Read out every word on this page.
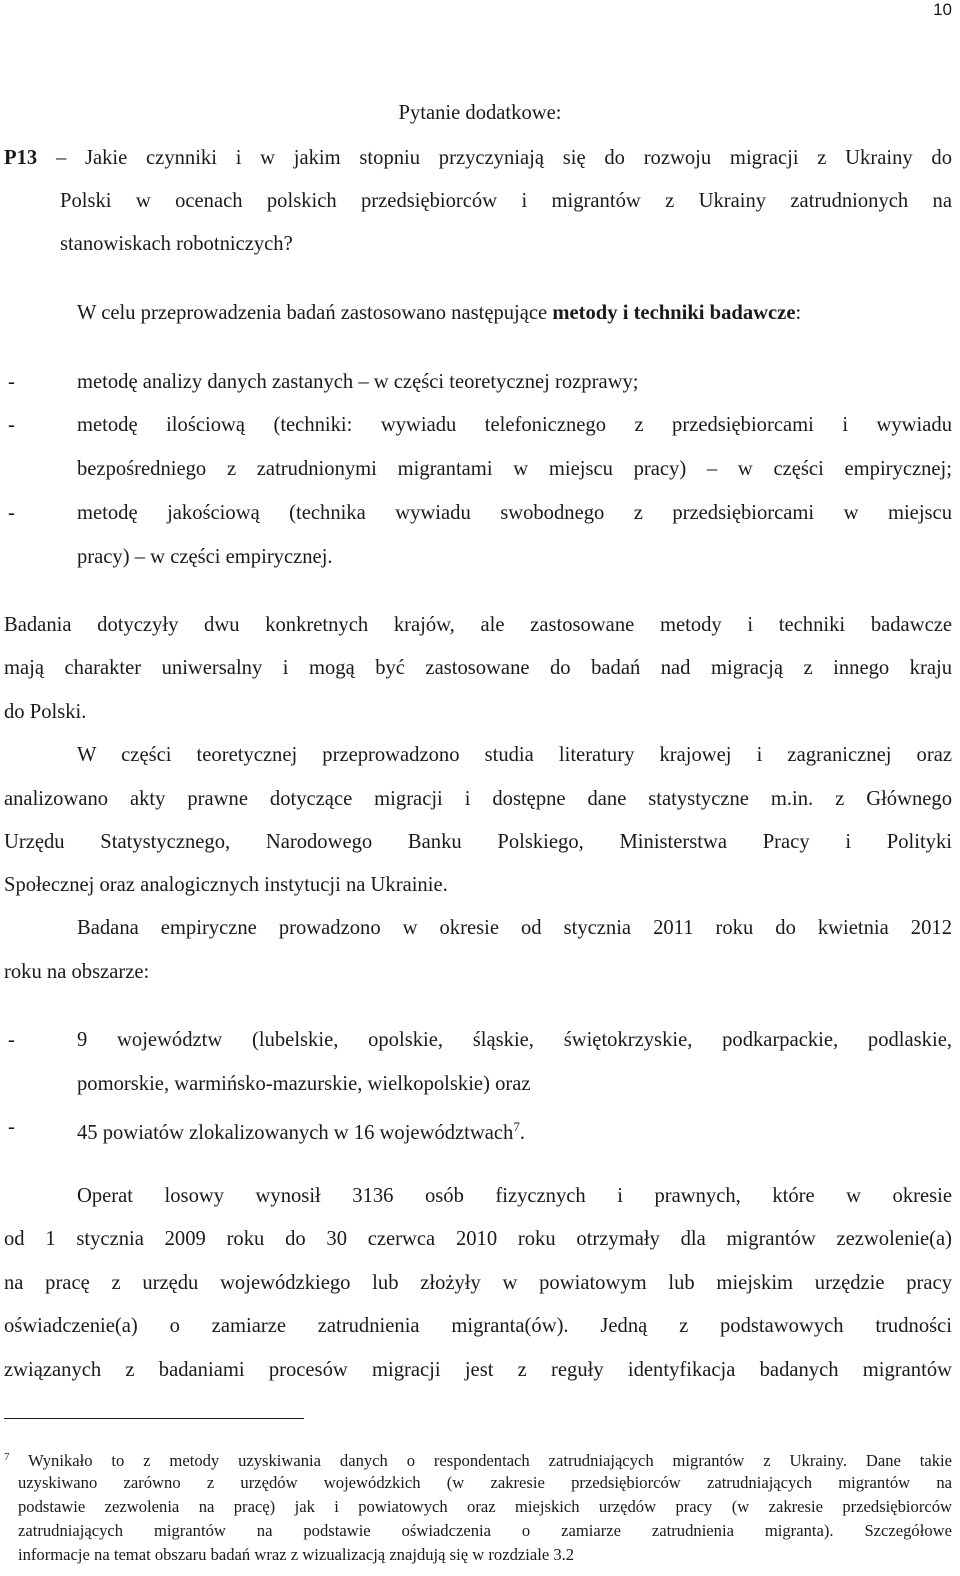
10
Pytanie dodatkowe:
P13 – Jakie czynniki i w jakim stopniu przyczyniają się do rozwoju migracji z Ukrainy do
Polski w ocenach polskich przedsiębiorców i migrantów z Ukrainy zatrudnionych na
stanowiskach robotniczych?
W celu przeprowadzenia badań zastosowano następujące metody i techniki badawcze:
-	metodę analizy danych zastanych – w części teoretycznej rozprawy;
-	metodę ilościową (techniki: wywiadu telefonicznego z przedsiębiorcami i wywiadu
bezpośredniego z zatrudnionymi migrantami w miejscu pracy) – w części empirycznej;
-	metodę jakościową (technika wywiadu swobodnego z przedsiębiorcami w miejscu
pracy) – w części empirycznej.
Badania dotyczyły dwu konkretnych krajów, ale zastosowane metody i techniki badawcze
mają charakter uniwersalny i mogą być zastosowane do badań nad migracją z innego kraju
do Polski.
W części teoretycznej przeprowadzono studia literatury krajowej i zagranicznej oraz
analizowano akty prawne dotyczące migracji i dostępne dane statystyczne m.in. z Głównego
Urzędu Statystycznego, Narodowego Banku Polskiego, Ministerstwa Pracy i Polityki
Społecznej oraz analogicznych instytucji na Ukrainie.
Badana empiryczne prowadzono w okresie od stycznia 2011 roku do kwietnia 2012
roku na obszarze:
-	9 województw (lubelskie, opolskie, śląskie, świętokrzyskie, podkarpackie, podlaskie,
pomorskie, warmińsko-mazurskie, wielkopolskie) oraz
-	45 powiatów zlokalizowanych w 16 województwach$^7$.
Operat losowy wynosił 3136 osób fizycznych i prawnych, które w okresie
od 1 stycznia 2009 roku do 30 czerwca 2010 roku otrzymały dla migrantów zezwolenie(a)
na pracę z urzędu wojewódzkiego lub złożyły w powiatowym lub miejskim urzędzie pracy
oświadczenie(a) o zamiarze zatrudnienia migranta(ów). Jedną z podstawowych trudności
związanych z badaniami procesów migracji jest z reguły identyfikacja badanych migrantów
$^7$ Wynikało to z metody uzyskiwania danych o respondentach zatrudniających migrantów z Ukrainy. Dane takie
uzyskiwano zarówno z urzędów wojewódzkich (w zakresie przedsiębiorców zatrudniających migrantów na
podstawie zezwolenia na pracę) jak i powiatowych oraz miejskich urzędów pracy (w zakresie przedsiębiorców
zatrudniających migrantów na podstawie oświadczenia o zamiarze zatrudnienia migranta). Szczegółowe
informacje na temat obszaru badań wraz z wizualizacją znajdują się w rozdziale 3.2
